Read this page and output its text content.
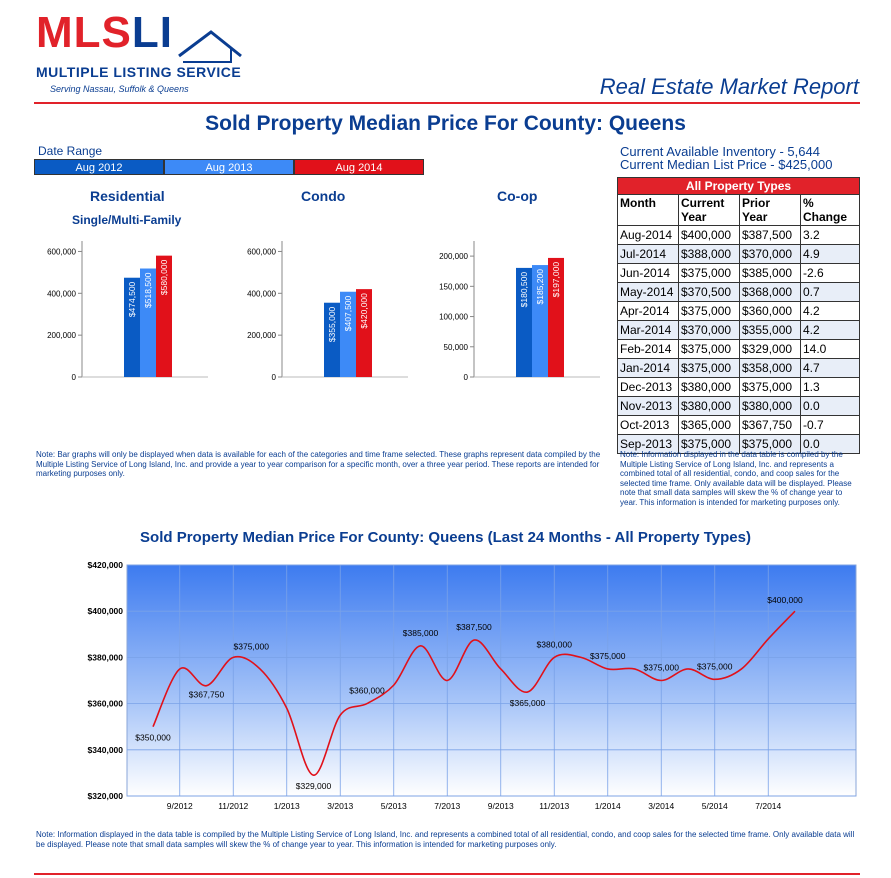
MLSLI
MULTIPLE LISTING SERVICE
Serving Nassau, Suffolk & Queens	Real Estate Market Report
Sold Property Median Price For County: Queens
Date Range
Aug 2012	Aug 2013	Aug 2014
Current Available Inventory - 5,644
Current Median List Price - $425,000
Residential
Single/Multi-Family
Condo	Co-op
0
200,000
400,000
600,000
$474,500 $518,500 $580,000
0
200,000
400,000
600,000
$355,000 $407,500 $420,000
0
50,000
100,000
150,000
200,000
$180,500 $185,200 $197,000
All Property Types			
Month	Current Year	Prior Year	% Change
Aug-2014	$400,000	$387,500	3.2
Jul-2014	$388,000	$370,000	4.9
Jun-2014	$375,000	$385,000	-2.6
May-2014	$370,500	$368,000	0.7
Apr-2014	$375,000	$360,000	4.2
Mar-2014	$370,000	$355,000	4.2
Feb-2014	$375,000	$329,000	14.0
Jan-2014	$375,000	$358,000	4.7
Dec-2013	$380,000	$375,000	1.3
Nov-2013	$380,000	$380,000	0.0
Oct-2013	$365,000	$367,750	-0.7
Sep-2013	$375,000	$375,000	0.0
Note: Bar graphs will only be displayed when data is available for each of the categories and time frame selected. These graphs represent data compiled by the Multiple Listing Service of Long Island, Inc. and provide a year to year comparison for a specific month, over a three year period. These reports are intended for marketing purposes only.
Note: Information displayed in the data table is compiled by the Multiple Listing Service of Long Island, Inc. and represents a combined total of all residential, condo, and coop sales for the selected time frame. Only available data will be displayed. Please note that small data samples will skew the % of change year to year. This information is intended for marketing purposes only.
Sold Property Median Price For County: Queens (Last 24 Months - All Property Types)
$320,000
$340,000
$360,000
$380,000
$400,000
$420,000
9/2012	11/2012	1/2013	3/2013	5/2013	7/2013	9/2013	11/2013	1/2014	3/2014	5/2014	7/2014
$350,000
$367,750
$375,000
$329,000
$360,000
$385,000
$387,500
$365,000
$380,000
$375,000
$375,000 $375,000
$400,000
Note: Information displayed in the data table is compiled by the Multiple Listing Service of Long Island, Inc. and represents a combined total of all residential, condo, and coop sales for the selected time frame. Only available data will be displayed. Please note that small data samples will skew the % of change year to year. This information is intended for marketing purposes only.
